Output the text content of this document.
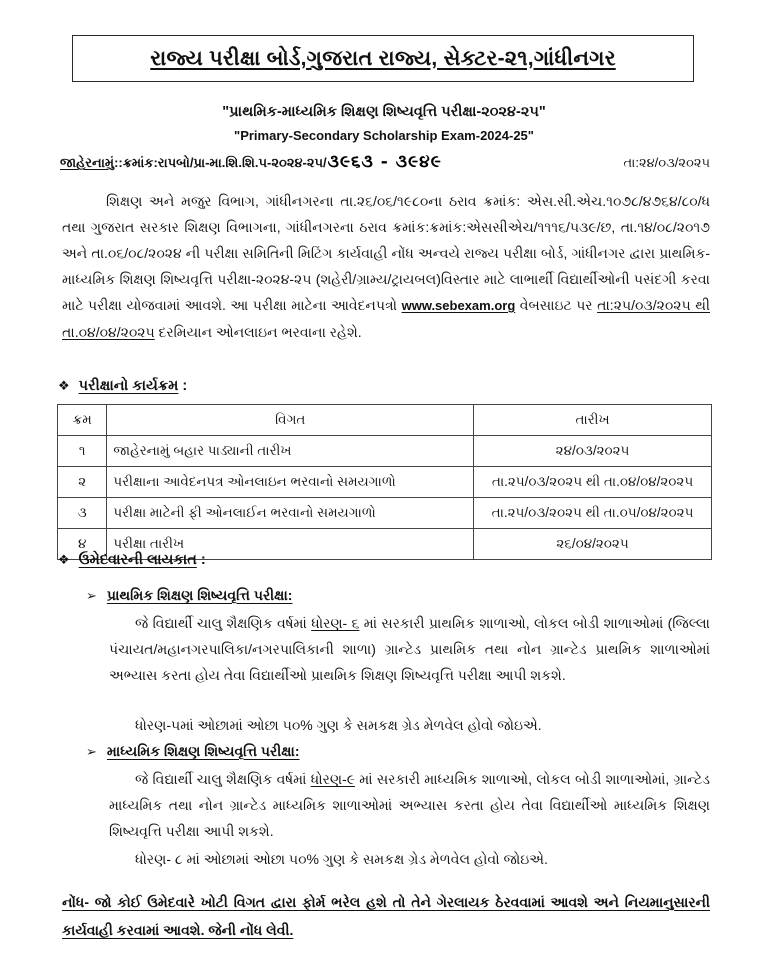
રાજ્ય પરીક્ષા બોર્ડ,ગુજરાત રાજ્ય, સેક્ટર-૨૧,ગાંધીનગર
"પ્રાથમિક-માધ્યમિક શિક્ષણ શિષ્યવૃત્તિ પરીક્ષા-૨૦૨૪-૨૫"
"Primary-Secondary Scholarship Exam-2024-25"
જાહેરનામું ::ક્રમાંક:રાપબો/પ્રા-મા.શિ.શિ.૫-૨૦૨૪-૨૫/ ૩૯૬૩ - ૩૯૪૯	તા:૨૪/૦૩/૨૦૨૫
શિક્ષણ અને મજુર વિભાગ, ગાંધીનગરના તા.૨૬/૦૬/૧૯૮૦ના ઠરાવ ક્રમાંક: એસ.સી.એચ.૧૦૭૮/૪૭૬૪/૮૦/ધ તથા ગુજરાત સરકાર શિક્ષણ વિભાગના, ગાંધીનગરના ઠરાવ ક્રમાંક:ક્રમાંક:એસસીએચ/૧૧૧૬/૫૩૯/છ, તા.૧૪/૦૮/૨૦૧૭ અને તા.૦૬/૦૮/૨૦૨૪ ની પરીક્ષા સમિતિની મિટિંગ કાર્યવાહી નોંધ અન્વયે રાજ્ય પરીક્ષા બોર્ડ, ગાંધીનગર દ્વારા પ્રાથમિક-માધ્યમિક શિક્ષણ શિષ્યવૃત્તિ પરીક્ષા-૨૦૨૪-૨૫ (શહેરી/ગ્રામ્ય/ટ્રાયબલ)વિસ્તાર માટે લાભાર્થી વિદ્યાર્થીઓની પસંદગી કરવા માટે પરીક્ષા યોજવામાં આવશે. આ પરીક્ષા માટેના આવેદનપત્રો www.sebexam.org વેબસાઇટ પર તા:૨૫/૦૩/૨૦૨૫ થી તા.૦૪/૦૪/૨૦૨૫ દરમિયાન ઓનલાઇન ભરવાના રહેશે.
❖ પરીક્ષાનો કાર્યક્રમ :
ક્રમ	વિગત	તારીખ
૧	જાહેરનામું બહાર પાડ્યાની તારીખ	૨૪/૦૩/૨૦૨૫
૨	પરીક્ષાના આવેદનપત્ર ઓનલાઇન ભરવાનો સમયગાળો	તા.૨૫/૦૩/૨૦૨૫ થી તા.૦૪/૦૪/૨૦૨૫
૩	પરીક્ષા માટેની ફી ઓનલાઈન ભરવાનો સમયગાળો	તા.૨૫/૦૩/૨૦૨૫ થી તા.૦૫/૦૪/૨૦૨૫
૪	પરીક્ષા તારીખ	૨૬/૦૪/૨૦૨૫
❖ ઉમેદવારની લાયકાત :
➢ પ્રાથમિક શિક્ષણ શિષ્યવૃત્તિ પરીક્ષા:
જે વિદ્યાર્થી ચાલુ શૈક્ષણિક વર્ષમાં ધોરણ- ૬ માં સરકારી પ્રાથમિક શાળાઓ, લોકલ બોડી શાળાઓમાં (જિલ્લા પંચાયત/મહાનગરપાલિકા/નગરપાલિકાની શાળા) ગ્રાન્ટેડ પ્રાથમિક તથા નોન ગ્રાન્ટેડ પ્રાથમિક શાળાઓમાં અભ્યાસ કરતા હોય તેવા વિદ્યાર્થીઓ પ્રાથમિક શિક્ષણ શિષ્યવૃત્તિ પરીક્ષા આપી શકશે.
ધોરણ-૫માં ઓછામાં ઓછા ૫૦% ગુણ કે સમકક્ષ ગ્રેડ મેળવેલ હોવો જોઇએ.
➢ માધ્યમિક શિક્ષણ શિષ્યવૃત્તિ પરીક્ષા:
જે વિદ્યાર્થી ચાલુ શૈક્ષણિક વર્ષમાં ધોરણ-૯ માં સરકારી માધ્યમિક શાળાઓ, લોકલ બોડી શાળાઓમાં, ગ્રાન્ટેડ માધ્યમિક તથા નોન ગ્રાન્ટેડ માધ્યમિક શાળાઓમાં અભ્યાસ કરતા હોય તેવા વિદ્યાર્થીઓ માધ્યમિક શિક્ષણ શિષ્યવૃત્તિ પરીક્ષા આપી શકશે.
ધોરણ- ૮ માં ઓછામાં ઓછા ૫૦% ગુણ કે સમકક્ષ ગ્રેડ મેળવેલ હોવો જોઇએ.
નોંધ- જો કોઈ ઉમેદવારે ખોટી વિગત દ્વારા ફોર્મ ભરેલ હશે તો તેને ગેરલાયક ઠેરવવામાં આવશે અને નિયમાનુસારની કાર્યવાહી કરવામાં આવશે. જેની નોંધ લેવી.
